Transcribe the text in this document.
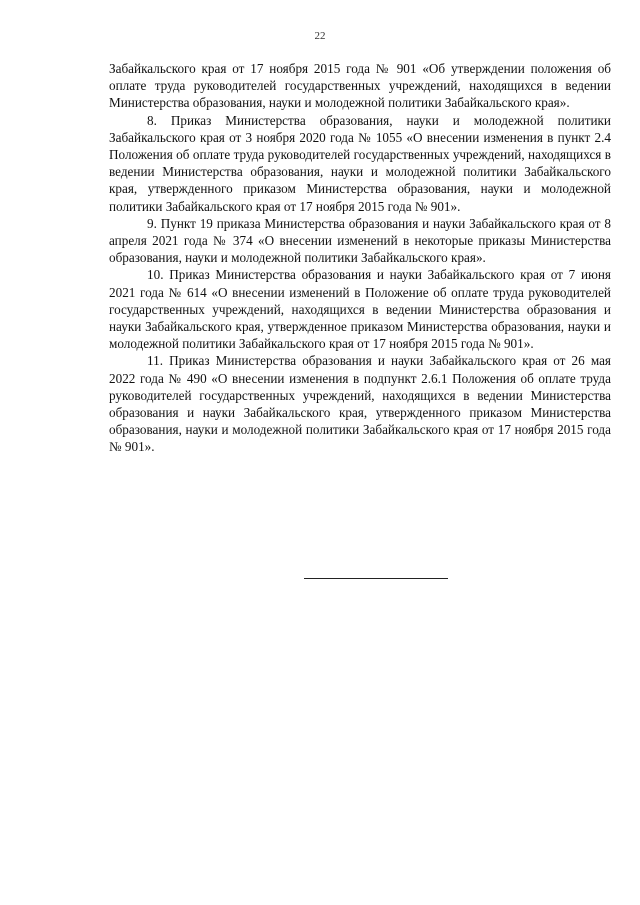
22

Забайкальского края от 17 ноября 2015 года № 901 «Об утверждении положения об оплате труда руководителей государственных учреждений, находящихся в ведении Министерства образования, науки и молодежной политики Забайкальского края».

8. Приказ Министерства образования, науки и молодежной политики Забайкальского края от 3 ноября 2020 года № 1055 «О внесении изменения в пункт 2.4 Положения об оплате труда руководителей государственных учреждений, находящихся в ведении Министерства образования, науки и молодежной политики Забайкальского края, утвержденного приказом Министерства образования, науки и молодежной политики Забайкальского края от 17 ноября 2015 года № 901».

9. Пункт 19 приказа Министерства образования и науки Забайкальского края от 8 апреля 2021 года № 374 «О внесении изменений в некоторые приказы Министерства образования, науки и молодежной политики Забайкальского края».

10. Приказ Министерства образования и науки Забайкальского края от 7 июня 2021 года № 614 «О внесении изменений в Положение об оплате труда руководителей государственных учреждений, находящихся в ведении Министерства образования и науки Забайкальского края, утвержденное приказом Министерства образования, науки и молодежной политики Забайкальского края от 17 ноября 2015 года № 901».

11. Приказ Министерства образования и науки Забайкальского края от 26 мая 2022 года № 490 «О внесении изменения в подпункт 2.6.1 Положения об оплате труда руководителей государственных учреждений, находящихся в ведении Министерства образования и науки Забайкальского края, утвержденного приказом Министерства образования, науки и молодежной политики Забайкальского края от 17 ноября 2015 года № 901».
